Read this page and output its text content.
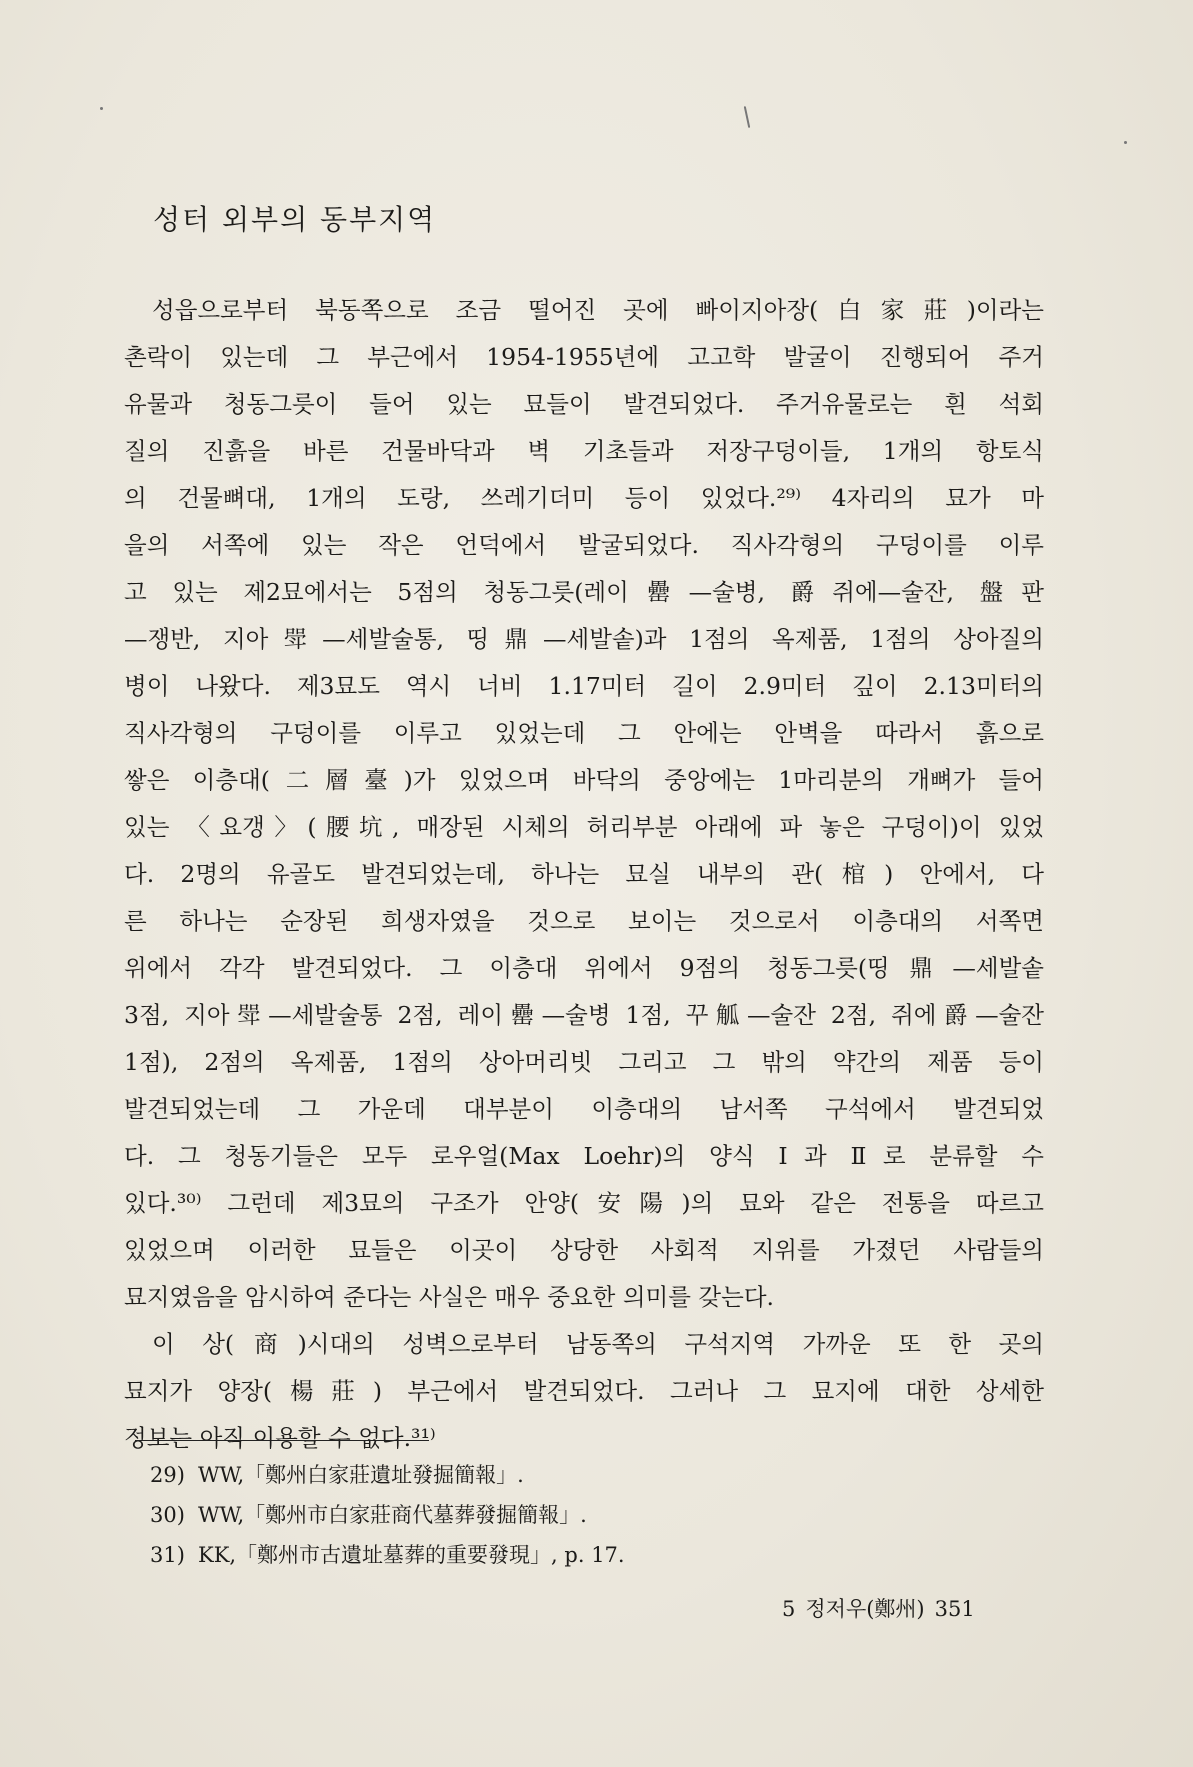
성터 외부의 동부지역
성읍으로부터 북동쪽으로 조금 떨어진 곳에 빠이지아장(白家莊)이라는
촌락이 있는데 그 부근에서 1954-1955년에 고고학 발굴이 진행되어 주거
유물과 청동그릇이 들어 있는 묘들이 발견되었다. 주거유물로는 흰 석회
질의 진흙을 바른 건물바닥과 벽 기초들과 저장구덩이들, 1개의 항토식
의 건물뼈대, 1개의 도랑, 쓰레기더미 등이 있었다.²⁹⁾ 4자리의 묘가 마
을의 서쪽에 있는 작은 언덕에서 발굴되었다. 직사각형의 구덩이를 이루
고 있는 제2묘에서는 5점의 청동그릇(레이罍—술병, 爵쥐에—술잔, 盤판
—쟁반, 지아斝—세발술통, 띵鼎—세발솥)과 1점의 옥제품, 1점의 상아질의
병이 나왔다. 제3묘도 역시 너비 1.17미터 길이 2.9미터 깊이 2.13미터의
직사각형의 구덩이를 이루고 있었는데 그 안에는 안벽을 따라서 흙으로
쌓은 이층대(二層臺)가 있었으며 바닥의 중앙에는 1마리분의 개뼈가 들어
있는 〈요갱〉(腰坑, 매장된 시체의 허리부분 아래에 파 놓은 구덩이)이 있었
다. 2명의 유골도 발견되었는데, 하나는 묘실 내부의 관(棺) 안에서, 다
른 하나는 순장된 희생자였을 것으로 보이는 것으로서 이층대의 서쪽면
위에서 각각 발견되었다. 그 이층대 위에서 9점의 청동그릇(띵鼎—세발솥
3점, 지아斝—세발술통 2점, 레이罍—술병 1점, 꾸觚—술잔 2점, 쥐에爵—술잔
1점), 2점의 옥제품, 1점의 상아머리빗 그리고 그 밖의 약간의 제품 등이
발견되었는데 그 가운데 대부분이 이층대의 남서쪽 구석에서 발견되었
다. 그 청동기들은 모두 로우얼(Max Loehr)의 양식 Ⅰ과 Ⅱ로 분류할 수
있다.³⁰⁾ 그런데 제3묘의 구조가 안양(安陽)의 묘와 같은 전통을 따르고
있었으며 이러한 묘들은 이곳이 상당한 사회적 지위를 가졌던 사람들의
묘지였음을 암시하여 준다는 사실은 매우 중요한 의미를 갖는다.
이 상(商)시대의 성벽으로부터 남동쪽의 구석지역 가까운 또 한 곳의
묘지가 양장(楊莊) 부근에서 발견되었다. 그러나 그 묘지에 대한 상세한
정보는 아직 이용할 수 없다.³¹⁾
29) WW,「鄭州白家莊遺址發掘簡報」.
30) WW,「鄭州市白家莊商代墓葬發掘簡報」.
31) KK,「鄭州市古遺址墓葬的重要發現」, p. 17.
5 정저우(鄭州) 351
